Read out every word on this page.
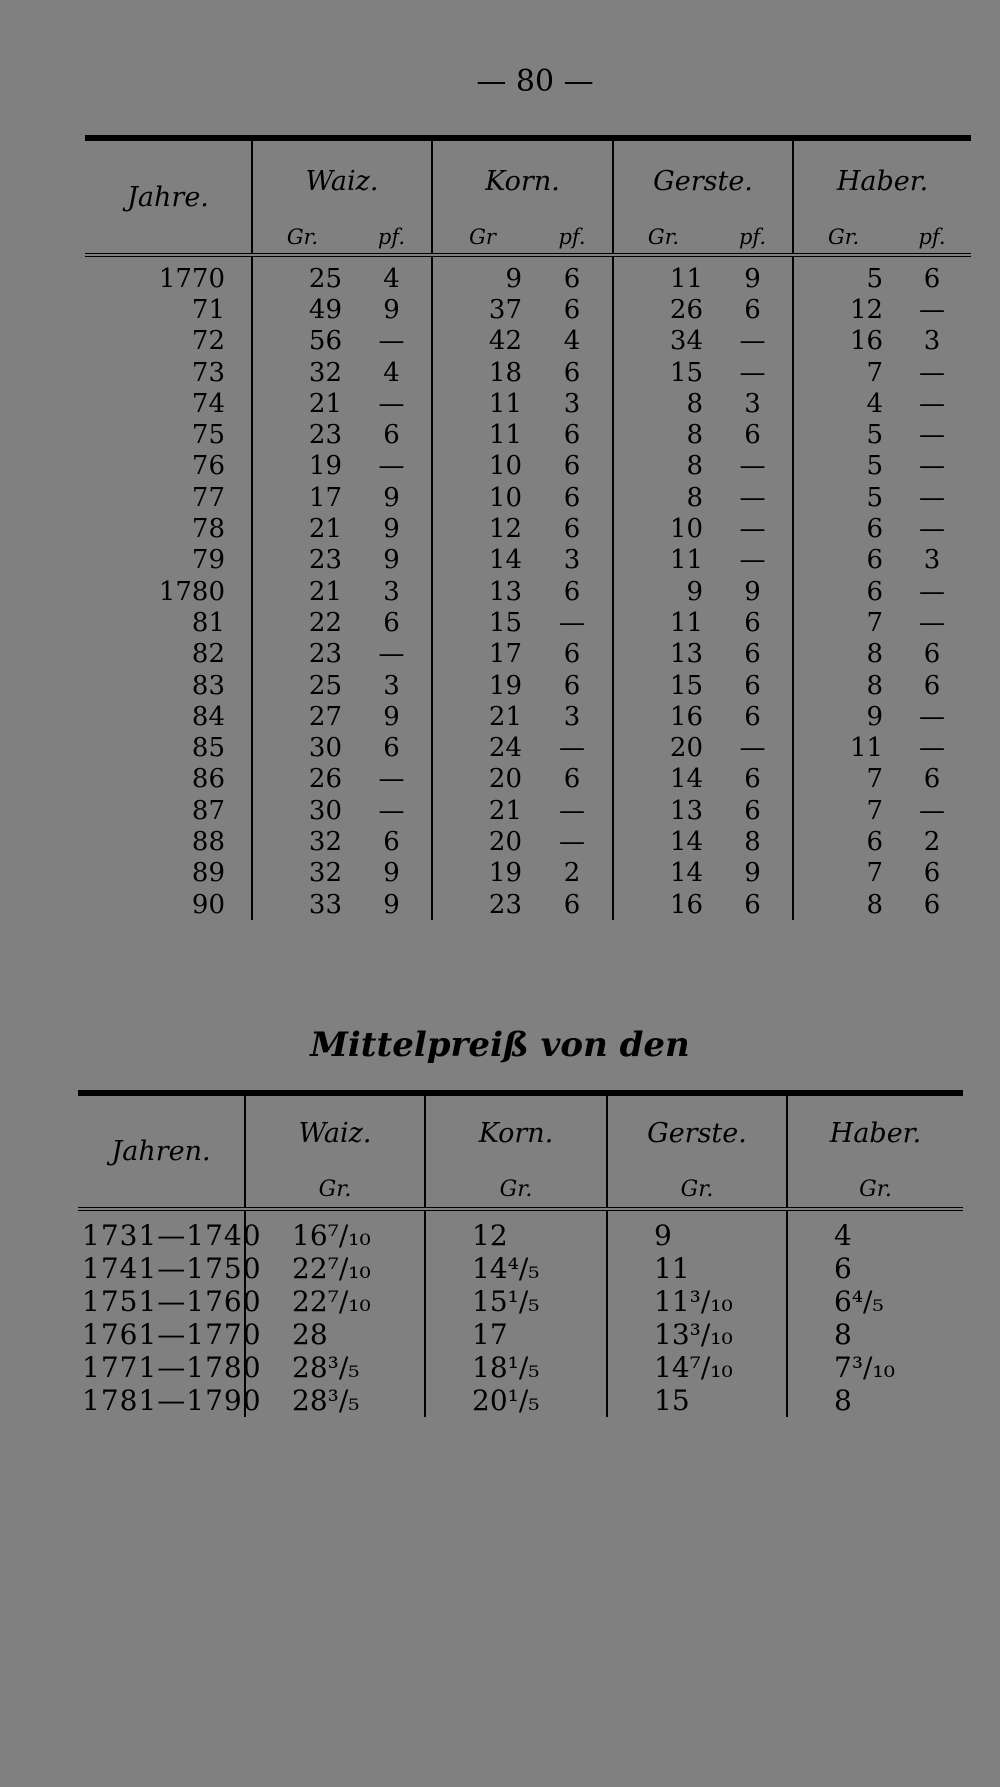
— 80 —
Jahre.	Waiz.		Korn.		Gerste.		Haber.	
	Gr.	pf.	Gr	pf.	Gr.	pf.	Gr.	pf.
1770	25	4	9	6	11	9	5	6
71	49	9	37	6	26	6	12	—
72	56	—	42	4	34	—	16	3
73	32	4	18	6	15	—	7	—
74	21	—	11	3	8	3	4	—
75	23	6	11	6	8	6	5	—
76	19	—	10	6	8	—	5	—
77	17	9	10	6	8	—	5	—
78	21	9	12	6	10	—	6	—
79	23	9	14	3	11	—	6	3
1780	21	3	13	6	9	9	6	—
81	22	6	15	—	11	6	7	—
82	23	—	17	6	13	6	8	6
83	25	3	19	6	15	6	8	6
84	27	9	21	3	16	6	9	—
85	30	6	24	—	20	—	11	—
86	26	—	20	6	14	6	7	6
87	30	—	21	—	13	6	7	—
88	32	6	20	—	14	8	6	2
89	32	9	19	2	14	9	7	6
90	33	9	23	6	16	6	8	6
Mittelpreiß von den
Jahren.	Waiz.	Korn.	Gerste.	Haber.
	Gr.	Gr.	Gr.	Gr.
1731—1740	16⁷/₁₀	12	9	4
1741—1750	22⁷/₁₀	14⁴/₅	11	6
1751—1760	22⁷/₁₀	15¹/₅	11³/₁₀	6⁴/₅
1761—1770	28	17	13³/₁₀	8
1771—1780	28³/₅	18¹/₅	14⁷/₁₀	7³/₁₀
1781—1790	28³/₅	20¹/₅	15	8
